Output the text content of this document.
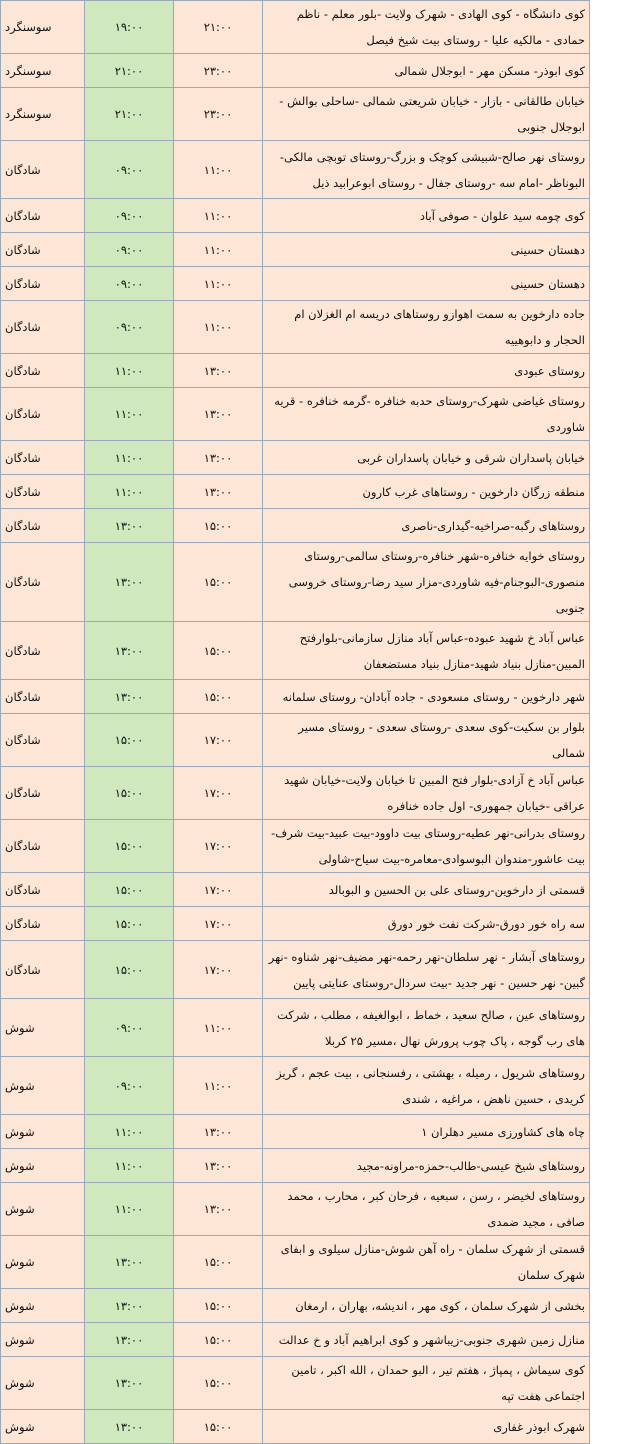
سوسنگرد	۱۹:۰۰	۲۱:۰۰	کوی دانشگاه - کوی الهادی - شهرک ولایت -بلور معلم - ناظم حمادی - مالکیه علیا - روستای بیت شیخ فیصل
سوسنگرد	۲۱:۰۰	۲۳:۰۰	کوی ابوذر- مسکن مهر - ابوجلال شمالی
سوسنگرد	۲۱:۰۰	۲۳:۰۰	خیابان طالقانی - بازار - خیابان شریعتی شمالی -ساحلی بوالش - ابوجلال جنوبی
شادگان	۰۹:۰۰	۱۱:۰۰	روستای نهر صالح-شبیشی کوچک و بزرگ-روستای توبچی مالکی-البوناظر -امام سه -روستای جفال - روستای ابوعرابید ذیل
شادگان	۰۹:۰۰	۱۱:۰۰	کوی چومه سید علوان - صوفی آباد
شادگان	۰۹:۰۰	۱۱:۰۰	دهستان حسینی
شادگان	۰۹:۰۰	۱۱:۰۰	دهستان حسینی
شادگان	۰۹:۰۰	۱۱:۰۰	جاده دارخوین به سمت اهوازو روستاهای دریسه ام الغزلان ام الحجار و دابوهییه
شادگان	۱۱:۰۰	۱۳:۰۰	روستای عبودی
شادگان	۱۱:۰۰	۱۳:۰۰	روستای غیاضی شهرک-روستای حدبه خنافره -گرمه خنافره - قریه شاوردی
شادگان	۱۱:۰۰	۱۳:۰۰	خیابان پاسداران شرقی و خیابان پاسداران غربی
شادگان	۱۱:۰۰	۱۳:۰۰	منطقه زرگان دارخوین - روستاهای غرب کارون
شادگان	۱۳:۰۰	۱۵:۰۰	روستاهای رگبه-صراخیه-گیداری-ناصری
شادگان	۱۳:۰۰	۱۵:۰۰	روستای خوایه خنافره-شهر خنافره-روستای سالمی-روستای منصوری-البوجنام-فیه شاوردی-مزار سید رضا-روستای خروسی جنوبی
شادگان	۱۳:۰۰	۱۵:۰۰	عباس آباد خ شهید عبوده-عباس آباد منازل سازمانی-بلوارفتح المبین-منازل بنیاد شهید-منازل بنیاد مستضعفان
شادگان	۱۳:۰۰	۱۵:۰۰	شهر دارخوین - روستای مسعودی - جاده آبادان- روستای سلمانه
شادگان	۱۵:۰۰	۱۷:۰۰	بلوار بن سکیت-کوی سعدی -روستای سعدی - روستای مسیر شمالی
شادگان	۱۵:۰۰	۱۷:۰۰	عباس آباد خ آزادی-بلوار فتح المبین تا خیابان ولایت-خیابان شهید عراقی -خیابان جمهوری- اول جاده خنافره
شادگان	۱۵:۰۰	۱۷:۰۰	روستای بدرانی-نهر عطیه-روستای بیت داوود-بیت عبید-بیت شرف-بیت عاشور-مندوان البوسوادی-معامره-بیت سیاح-شاولی
شادگان	۱۵:۰۰	۱۷:۰۰	قسمتی از دارخوین-روستای علی بن الحسین و البوبالد
شادگان	۱۵:۰۰	۱۷:۰۰	سه راه خور دورق-شرکت نفت خور دورق
شادگان	۱۵:۰۰	۱۷:۰۰	روستاهای آبشار - نهر سلطان-نهر رحمه-نهر مضیف-نهر شناوه -نهر گبین- نهر حسین - نهر جدید -بیت سردال-روستای عنایتی پایین
شوش	۰۹:۰۰	۱۱:۰۰	روستاهای عین ، صالح سعید ، خماط ، ابوالغیفه ، مطلب ، شرکت های رب گوجه ، پاک چوب پرورش نهال ،مسیر ۲۵ کربلا
شوش	۰۹:۰۰	۱۱:۰۰	روستاهای شریول ، رمیله ، بهشتی ، رفسنجانی ، بیت عجم ، گریز کریدی ، حسین ناهض ، مراغیه ، شندی
شوش	۱۱:۰۰	۱۳:۰۰	چاه های کشاورزی مسیر دهلران ۱
شوش	۱۱:۰۰	۱۳:۰۰	روستاهای شیخ عیسی-طالب-حمزه-مراونه-مجید
شوش	۱۱:۰۰	۱۳:۰۰	روستاهای لخیضر ، رسن ، سبعیه ، فرحان کبر ، محارب ، محمد صافی ، مجید ضمدی
شوش	۱۳:۰۰	۱۵:۰۰	قسمتی از شهرک سلمان - راه آهن شوش-منازل سیلوی و ابفای شهرک سلمان
شوش	۱۳:۰۰	۱۵:۰۰	بخشی از شهرک سلمان ، کوی مهر ، اندیشه، بهاران ، ارمغان
شوش	۱۳:۰۰	۱۵:۰۰	منازل زمین شهری جنوبی-زیباشهر و کوی ابراهیم آباد و خ عدالت
شوش	۱۳:۰۰	۱۵:۰۰	کوی سیماش ، پمپاژ ، هفتم تیر ، البو حمدان ، الله اکبر ، تامین اجتماعی هفت تپه
شوش	۱۳:۰۰	۱۵:۰۰	شهرک ابوذر غفاری
